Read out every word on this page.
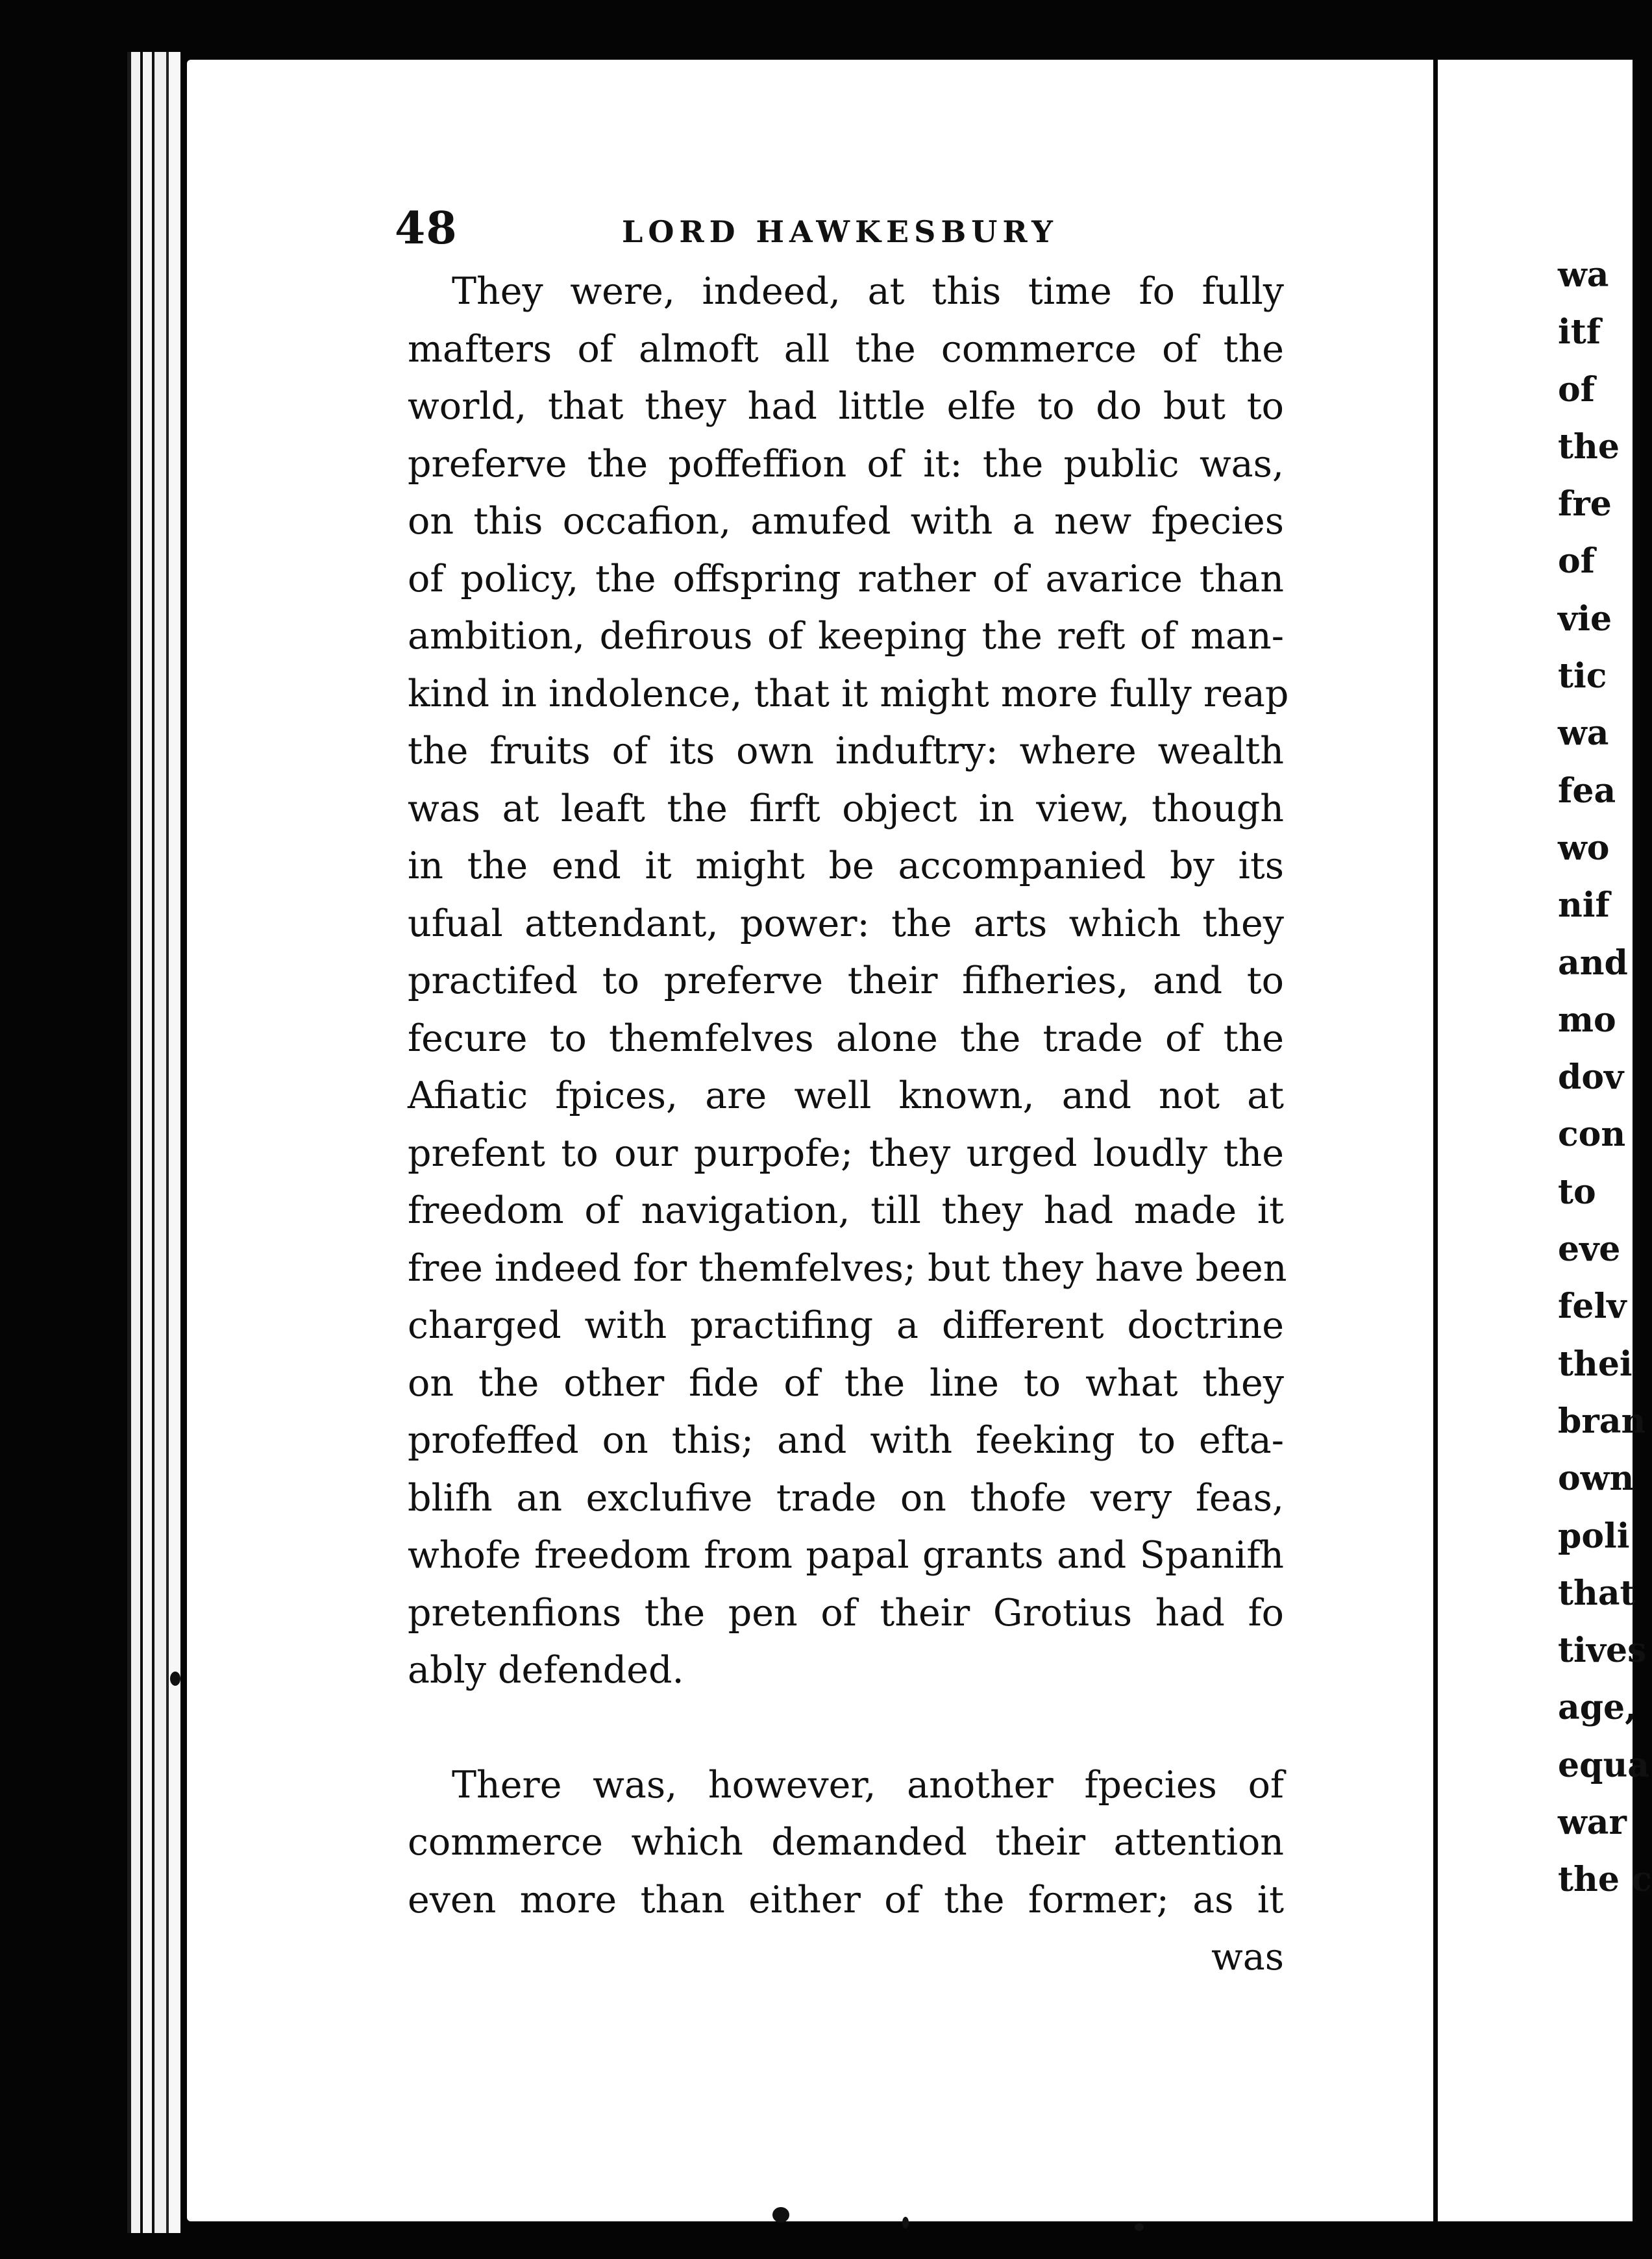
48	LORD HAWKESBURY
They were, indeed, at this time fo fully
mafters of almoft all the commerce of the
world, that they had little elfe to do but to
preferve the poffeffion of it: the public was,
on this occafion, amufed with a new fpecies
of policy, the offspring rather of avarice than
ambition, defirous of keeping the reft of man-
kind in indolence, that it might more fully reap
the fruits of its own induftry: where wealth
was at leaft the firft object in view, though
in the end it might be accompanied by its
ufual attendant, power: the arts which they
practifed to preferve their fifheries, and to
fecure to themfelves alone the trade of the
Afiatic fpices, are well known, and not at
prefent to our purpofe; they urged loudly the
freedom of navigation, till they had made it
free indeed for themfelves; but they have been
charged with practifing a different doctrine
on the other fide of the line to what they
profeffed on this; and with feeking to efta-
blifh an exclufive trade on thofe very feas,
whofe freedom from papal grants and Spanifh
pretenfions the pen of their Grotius had fo
ably defended.
There was, however, another fpecies of
commerce which demanded their attention
even more than either of the former; as it
was
wa
itf
of
the
fre
of
vie
tic
wa
fea
wo
nif
and
mo
dov
con
to
eve
felv
thei
bran
own
poli
that
tives
age,
equa
war
the c
